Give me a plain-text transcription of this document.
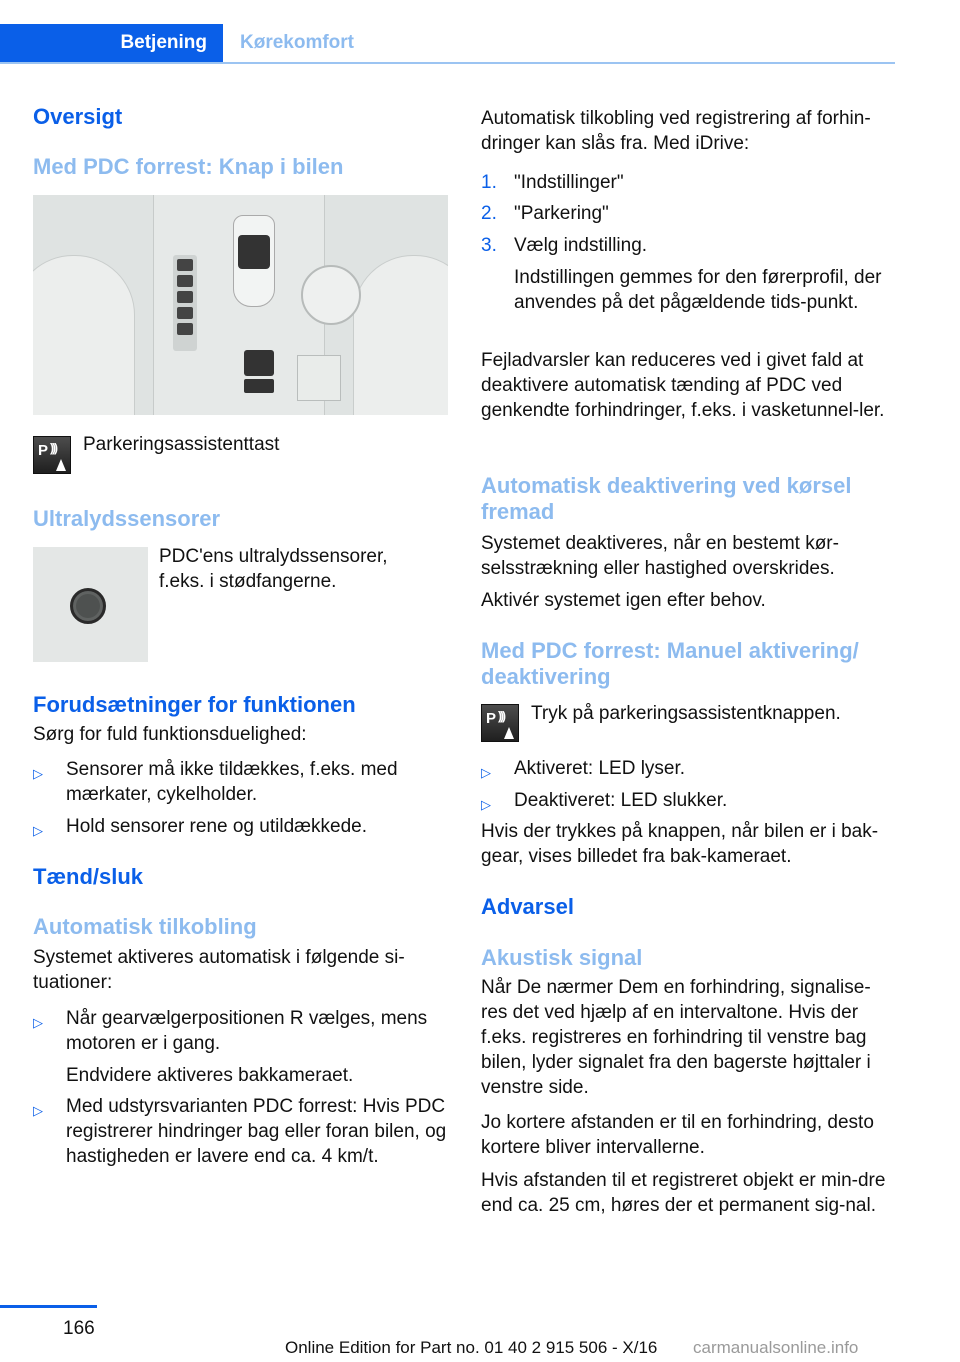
Betjening	Kørekomfort
Oversigt
Med PDC forrest: Knap i bilen
P ))) Parkeringsassistenttast
Ultralydssensorer
PDC'ens ultralydssensorer, f.eks. i stødfangerne.
Forudsætninger for funktionen
Sørg for fuld funktionsduelighed:
▷ Sensorer må ikke tildækkes, f.eks. med mærkater, cykelholder.
▷ Hold sensorer rene og utildækkede.
Tænd/sluk
Automatisk tilkobling
Systemet aktiveres automatisk i følgende si-tuationer:
▷ Når gearvælgerpositionen R vælges, mens motoren er i gang.
Endvidere aktiveres bakkameraet.
▷ Med udstyrsvarianten PDC forrest: Hvis PDC registrerer hindringer bag eller foran bilen, og hastigheden er lavere end ca. 4 km/t.
Automatisk tilkobling ved registrering af forhin-dringer kan slås fra. Med iDrive:
1. "Indstillinger"
2. "Parkering"
3. Vælg indstilling.
Indstillingen gemmes for den førerprofil, der anvendes på det pågældende tids-punkt.
Fejladvarsler kan reduceres ved i givet fald at deaktivere automatisk tænding af PDC ved genkendte forhindringer, f.eks. i vasketunnel-ler.
Automatisk deaktivering ved kørsel fremad
Systemet deaktiveres, når en bestemt kør-selsstrækning eller hastighed overskrides.
Aktivér systemet igen efter behov.
Med PDC forrest: Manuel aktivering/ deaktivering
P ))) Tryk på parkeringsassistentknappen.
▷ Aktiveret: LED lyser.
▷ Deaktiveret: LED slukker.
Hvis der trykkes på knappen, når bilen er i bak-gear, vises billedet fra bak-kameraet.
Advarsel
Akustisk signal
Når De nærmer Dem en forhindring, signalise-res det ved hjælp af en intervaltone. Hvis der f.eks. registreres en forhindring til venstre bag bilen, lyder signalet fra den bagerste højttaler i venstre side.
Jo kortere afstanden er til en forhindring, desto kortere bliver intervallerne.
Hvis afstanden til et registreret objekt er min-dre end ca. 25 cm, høres der et permanent sig-nal.
166
Online Edition for Part no. 01 40 2 915 506 - X/16 carmanualsonline.info
